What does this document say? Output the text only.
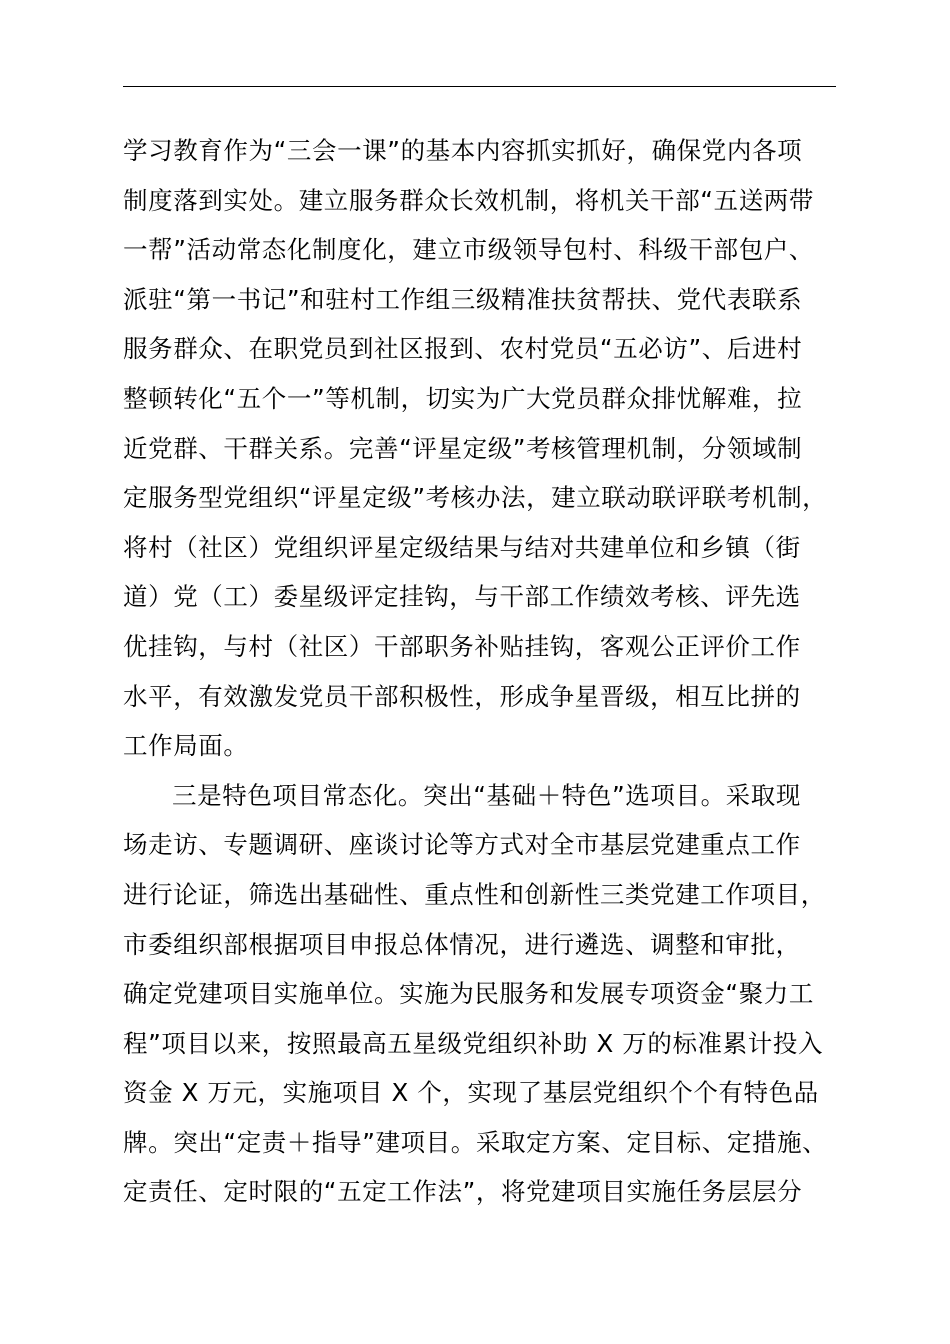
学习教育作为“三会一课”的基本内容抓实抓好，确保党内各项
制度落到实处。建立服务群众长效机制，将机关干部“五送两带
一帮”活动常态化制度化，建立市级领导包村、科级干部包户、
派驻“第一书记”和驻村工作组三级精准扶贫帮扶、党代表联系
服务群众、在职党员到社区报到、农村党员“五必访”、后进村
整顿转化“五个一”等机制，切实为广大党员群众排忧解难，拉
近党群、干群关系。完善“评星定级”考核管理机制，分领域制
定服务型党组织“评星定级”考核办法，建立联动联评联考机制，
将村（社区）党组织评星定级结果与结对共建单位和乡镇（街
道）党（工）委星级评定挂钩，与干部工作绩效考核、评先选
优挂钩，与村（社区）干部职务补贴挂钩，客观公正评价工作
水平，有效激发党员干部积极性，形成争星晋级，相互比拼的
工作局面。
三是特色项目常态化。突出“基础＋特色”选项目。采取现
场走访、专题调研、座谈讨论等方式对全市基层党建重点工作
进行论证，筛选出基础性、重点性和创新性三类党建工作项目，
市委组织部根据项目申报总体情况，进行遴选、调整和审批，
确定党建项目实施单位。实施为民服务和发展专项资金“聚力工
程”项目以来，按照最高五星级党组织补助 X 万的标准累计投入
资金 X 万元，实施项目 X 个，实现了基层党组织个个有特色品
牌。突出“定责＋指导”建项目。采取定方案、定目标、定措施、
定责任、定时限的“五定工作法”，将党建项目实施任务层层分
